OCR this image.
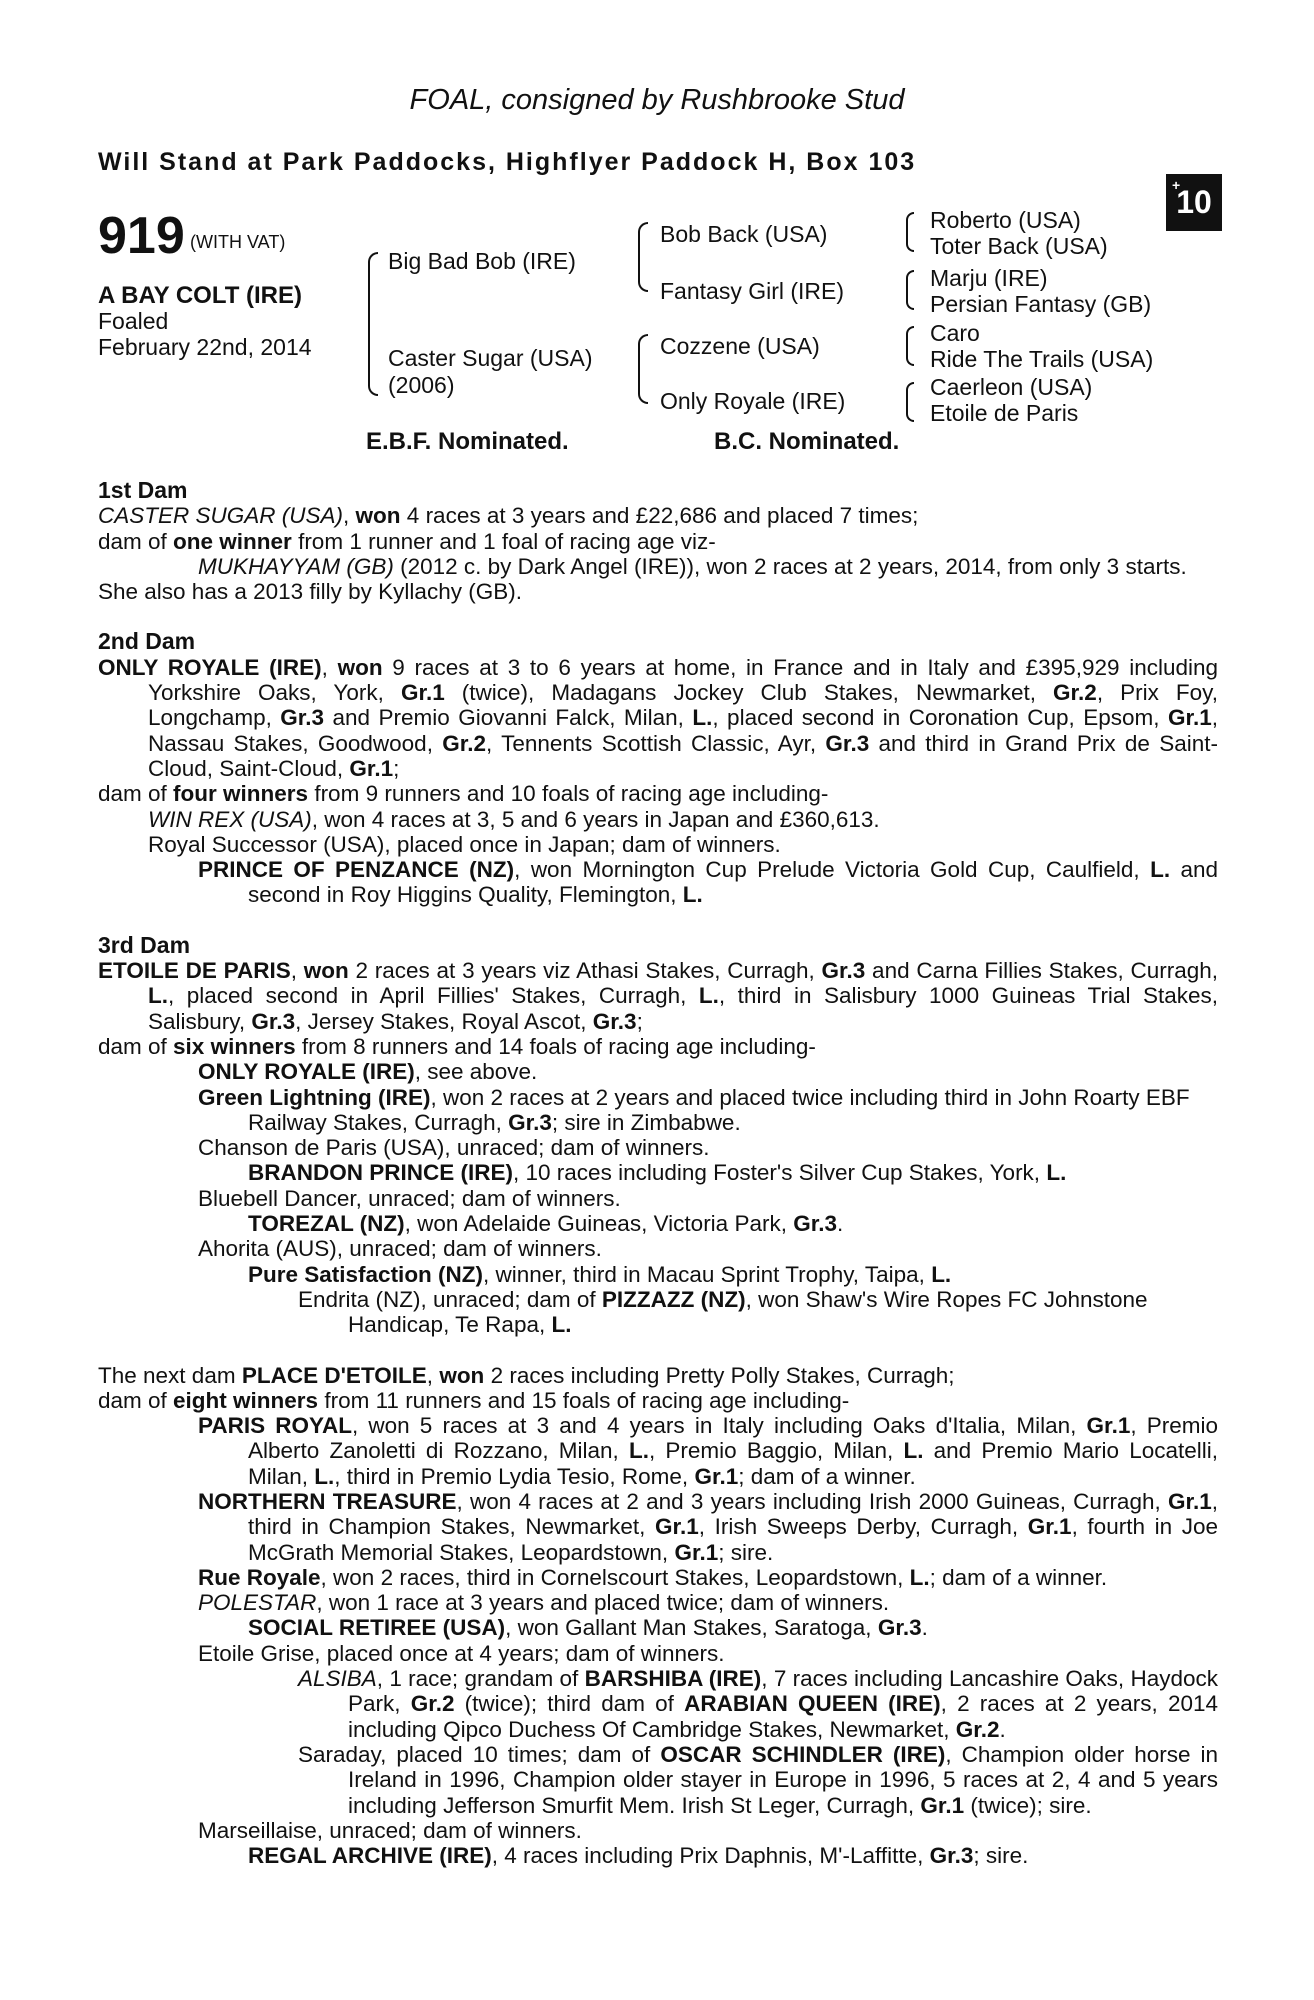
FOAL, consigned by Rushbrooke Stud
Will Stand at Park Paddocks, Highflyer Paddock H, Box 103
+
10
919 (WITH VAT)
A BAY COLT (IRE)
Foaled
February 22nd, 2014
Big Bad Bob (IRE)
Caster Sugar (USA)
(2006)
Bob Back (USA)
Fantasy Girl (IRE)
Cozzene (USA)
Only Royale (IRE)
Roberto (USA)
Toter Back (USA)
Marju (IRE)
Persian Fantasy (GB)
Caro
Ride The Trails (USA)
Caerleon (USA)
Etoile de Paris
E.B.F. Nominated.	B.C. Nominated.

1st Dam

CASTER SUGAR (USA), won 4 races at 3 years and £22,686 and placed 7 times;

dam of one winner from 1 runner and 1 foal of racing age viz-

MUKHAYYAM (GB) (2012 c. by Dark Angel (IRE)), won 2 races at 2 years, 2014, from only 3 starts.

She also has a 2013 filly by Kyllachy (GB).

2nd Dam

ONLY ROYALE (IRE), won 9 races at 3 to 6 years at home, in France and in Italy and £395,929 including Yorkshire Oaks, York, Gr.1 (twice), Madagans Jockey Club Stakes, Newmarket, Gr.2, Prix Foy, Longchamp, Gr.3 and Premio Giovanni Falck, Milan, L., placed second in Coronation Cup, Epsom, Gr.1, Nassau Stakes, Goodwood, Gr.2, Tennents Scottish Classic, Ayr, Gr.3 and third in Grand Prix de Saint-Cloud, Saint-Cloud, Gr.1;

dam of four winners from 9 runners and 10 foals of racing age including-

WIN REX (USA), won 4 races at 3, 5 and 6 years in Japan and £360,613.

Royal Successor (USA), placed once in Japan; dam of winners.

PRINCE OF PENZANCE (NZ), won Mornington Cup Prelude Victoria Gold Cup, Caulfield, L. and second in Roy Higgins Quality, Flemington, L.

3rd Dam

ETOILE DE PARIS, won 2 races at 3 years viz Athasi Stakes, Curragh, Gr.3 and Carna Fillies Stakes, Curragh, L., placed second in April Fillies' Stakes, Curragh, L., third in Salisbury 1000 Guineas Trial Stakes, Salisbury, Gr.3, Jersey Stakes, Royal Ascot, Gr.3;

dam of six winners from 8 runners and 14 foals of racing age including-

ONLY ROYALE (IRE), see above.

Green Lightning (IRE), won 2 races at 2 years and placed twice including third in John Roarty EBF Railway Stakes, Curragh, Gr.3; sire in Zimbabwe.

Chanson de Paris (USA), unraced; dam of winners.

BRANDON PRINCE (IRE), 10 races including Foster's Silver Cup Stakes, York, L.

Bluebell Dancer, unraced; dam of winners.

TOREZAL (NZ), won Adelaide Guineas, Victoria Park, Gr.3.

Ahorita (AUS), unraced; dam of winners.

Pure Satisfaction (NZ), winner, third in Macau Sprint Trophy, Taipa, L.

Endrita (NZ), unraced; dam of PIZZAZZ (NZ), won Shaw's Wire Ropes FC Johnstone Handicap, Te Rapa, L.

The next dam PLACE D'ETOILE, won 2 races including Pretty Polly Stakes, Curragh;

dam of eight winners from 11 runners and 15 foals of racing age including-

PARIS ROYAL, won 5 races at 3 and 4 years in Italy including Oaks d'Italia, Milan, Gr.1, Premio Alberto Zanoletti di Rozzano, Milan, L., Premio Baggio, Milan, L. and Premio Mario Locatelli, Milan, L., third in Premio Lydia Tesio, Rome, Gr.1; dam of a winner.

NORTHERN TREASURE, won 4 races at 2 and 3 years including Irish 2000 Guineas, Curragh, Gr.1, third in Champion Stakes, Newmarket, Gr.1, Irish Sweeps Derby, Curragh, Gr.1, fourth in Joe McGrath Memorial Stakes, Leopardstown, Gr.1; sire.

Rue Royale, won 2 races, third in Cornelscourt Stakes, Leopardstown, L.; dam of a winner.

POLESTAR, won 1 race at 3 years and placed twice; dam of winners.

SOCIAL RETIREE (USA), won Gallant Man Stakes, Saratoga, Gr.3.

Etoile Grise, placed once at 4 years; dam of winners.

ALSIBA, 1 race; grandam of BARSHIBA (IRE), 7 races including Lancashire Oaks, Haydock Park, Gr.2 (twice); third dam of ARABIAN QUEEN (IRE), 2 races at 2 years, 2014 including Qipco Duchess Of Cambridge Stakes, Newmarket, Gr.2.

Saraday, placed 10 times; dam of OSCAR SCHINDLER (IRE), Champion older horse in Ireland in 1996, Champion older stayer in Europe in 1996, 5 races at 2, 4 and 5 years including Jefferson Smurfit Mem. Irish St Leger, Curragh, Gr.1 (twice); sire.

Marseillaise, unraced; dam of winners.

REGAL ARCHIVE (IRE), 4 races including Prix Daphnis, M'-Laffitte, Gr.3; sire.
